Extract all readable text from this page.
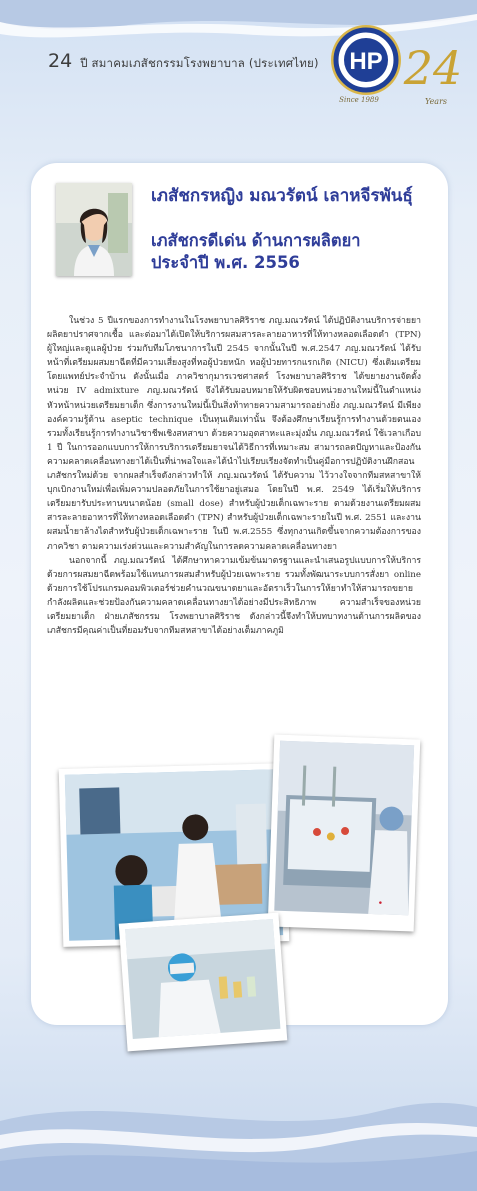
24 ปี สมาคมเภสัชกรรมโรงพยาบาล (ประเทศไทย) HP
Since 1989
24
Years
เภสัชกรหญิง มณวรัตน์ เลาหจีรพันธุ์
เภสัชกรดีเด่น ด้านการผลิตยา
ประจำปี พ.ศ. 2556

ในช่วง 5 ปีแรกของการทำงานในโรงพยาบาลศิริราช ภญ.มณวรัตน์ ได้ปฏิบัติงานบริการจ่ายยา ผลิตยาปราศจากเชื้อ และต่อมาได้เปิดให้บริการผสมสารละลายอาหารที่ให้ทางหลอดเลือดดำ (TPN) ผู้ใหญ่และดูแลผู้ป่วย ร่วมกับทีมโภชนาการในปี 2545 จากนั้นในปี พ.ศ.2547 ภญ.มณวรัตน์ ได้รับหน้าที่เตรียมผสมยาฉีดที่มีความเสี่ยงสูงที่หอผู้ป่วยหนัก หอผู้ป่วยทารกแรกเกิด (NICU) ซึ่งเดิมเตรียมโดยแพทย์ประจำบ้าน ดังนั้นเมื่อ ภาควิชากุมารเวชศาสตร์ โรงพยาบาลศิริราช ได้ขยายงานจัดตั้งหน่วย IV admixture ภญ.มณวรัตน์ จึงได้รับมอบหมายให้รับผิดชอบหน่วยงานใหม่นี้ในตำแหน่งหัวหน้าหน่วยเตรียมยาเด็ก ซึ่งการงานใหม่นี้เป็นสิ่งท้าทายความสามารถอย่างยิ่ง ภญ.มณวรัตน์ มีเพียงองค์ความรู้ด้าน aseptic technique เป็นทุนเดิมเท่านั้น จึงต้องศึกษาเรียนรู้การทำงานด้วยตนเอง รวมทั้งเรียนรู้การทำงานวิชาชีพเชิงสหสาขา ด้วยความอุตสาหะและมุ่งมั่น ภญ.มณวรัตน์ ใช้เวลาเกือบ 1 ปี ในการออกแบบการให้การบริการเตรียมยาจนได้วิธีการที่เหมาะสม สามารถลดปัญหาและป้องกันความคลาดเคลื่อนทางยาได้เป็นที่น่าพอใจและได้นำไปเรียบเรียงจัดทำเป็นคู่มือการปฏิบัติงานฝึกสอนเภสัชกรใหม่ด้วย จากผลสำเร็จดังกล่าวทำให้ ภญ.มณวรัตน์ ได้รับความ ไว้วางใจจากทีมสหสาขาให้บุกเบิกงานใหม่เพื่อเพิ่มความปลอดภัยในการใช้ยาอยู่เสมอ โดยในปี พ.ศ. 2549 ได้เริ่มให้บริการเตรียมยารับประทานขนาดน้อย (small dose) สำหรับผู้ป่วยเด็กเฉพาะราย ตามด้วยงานเตรียมผสมสารละลายอาหารที่ให้ทางหลอดเลือดดำ (TPN) สำหรับผู้ป่วยเด็กเฉพาะรายในปี พ.ศ. 2551 และงานผสมน้ำยาล้างไตสำหรับผู้ป่วยเด็กเฉพาะราย ในปี พ.ศ.2555 ซึ่งทุกงานเกิดขึ้นจากความต้องการของภาควิชา ตามความเร่งด่วนและความสำคัญในการลดความคลาดเคลื่อนทางยา

นอกจากนี้ ภญ.มณวรัตน์ ได้ศึกษาหาความเข้มข้นมาตรฐานและนำเสนอรูปแบบการให้บริการด้วยการผสมยาฉีดพร้อมใช้แทนการผสมสำหรับผู้ป่วยเฉพาะราย รวมทั้งพัฒนาระบบการสั่งยา online ด้วยการใช้โปรแกรมคอมพิวเตอร์ช่วยคำนวณขนาดยาและอัตราเร็วในการให้ยาทำให้สามารถขยายกำลังผลิตและช่วยป้องกันความคลาดเคลื่อนทางยาได้อย่างมีประสิทธิภาพ ความสำเร็จของหน่วยเตรียมยาเด็ก ฝ่ายเภสัชกรรม โรงพยาบาลศิริราช ดังกล่าวนี้จึงทำให้บทบาทงานด้านการผลิตของเภสัชกรมีคุณค่าเป็นที่ยอมรับจากทีมสหสาขาได้อย่างเต็มภาคภูมิ

●
